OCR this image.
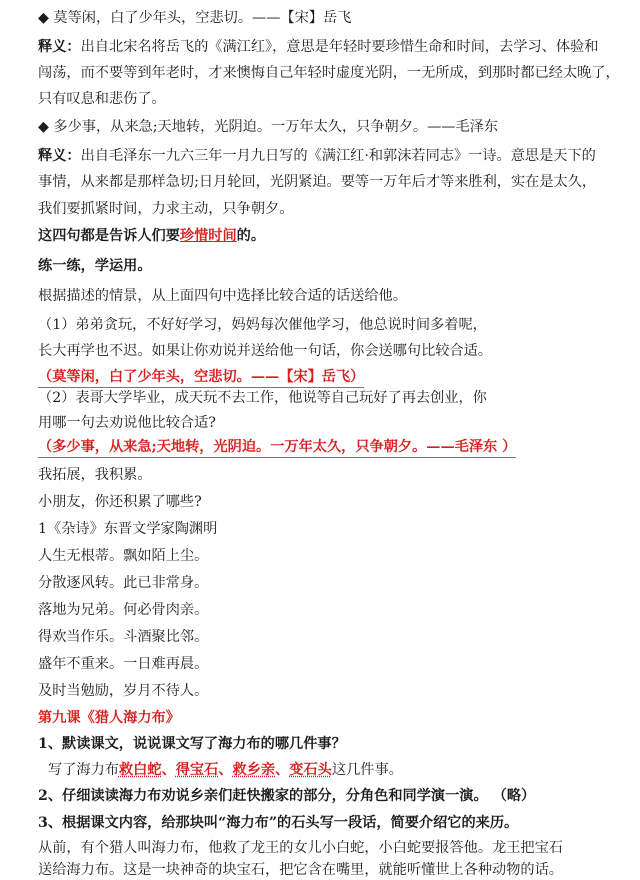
◆ 莫等闲，白了少年头，空悲切。——【宋】岳飞
释义：出自北宋名将岳飞的《满江红》，意思是年轻时要珍惜生命和时间，去学习、体验和
闯荡，而不要等到年老时，才来懊悔自己年轻时虚度光阴，一无所成，到那时都已经太晚了，
只有叹息和悲伤了。
◆ 多少事，从来急;天地转，光阴迫。一万年太久，只争朝夕。——毛泽东
释义：出自毛泽东一九六三年一月九日写的《满江红·和郭沫若同志》一诗。意思是天下的
事情，从来都是那样急切;日月轮回，光阴紧迫。要等一万年后才等来胜利，实在是太久，
我们要抓紧时间，力求主动，只争朝夕。
这四句都是告诉人们要珍惜时间的。
练一练，学运用。
根据描述的情景，从上面四句中选择比较合适的话送给他。
（1）弟弟贪玩，不好好学习，妈妈每次催他学习，他总说时间多着呢，
长大再学也不迟。如果让你劝说并送给他一句话，你会送哪句比较合适。
（莫等闲，白了少年头，空悲切。——【宋】岳飞）
（2）表哥大学毕业，成天玩不去工作，他说等自己玩好了再去创业，你
用哪一句去劝说他比较合适?
（多少事，从来急;天地转，光阴迫。一万年太久，只争朝夕。——毛泽东 ）
我拓展，我积累。
小朋友，你还积累了哪些?
1《杂诗》东晋文学家陶渊明
人生无根蒂。飘如陌上尘。
分散逐风转。此已非常身。
落地为兄弟。何必骨肉亲。
得欢当作乐。斗酒聚比邻。
盛年不重来。一日难再晨。
及时当勉励，岁月不待人。
第九课《猎人海力布》
1、默读课文，说说课文写了海力布的哪几件事？
写了海力布救白蛇、得宝石、救乡亲、变石头这几件事。
2、仔细读读海力布劝说乡亲们赶快搬家的部分，分角色和同学演一演。 （略）
3、根据课文内容，给那块叫“海力布”的石头写一段话，简要介绍它的来历。
从前，有个猎人叫海力布，他救了龙王的女儿小白蛇，小白蛇要报答他。龙王把宝石
送给海力布。这是一块神奇的块宝石，把它含在嘴里，就能听懂世上各种动物的话。
